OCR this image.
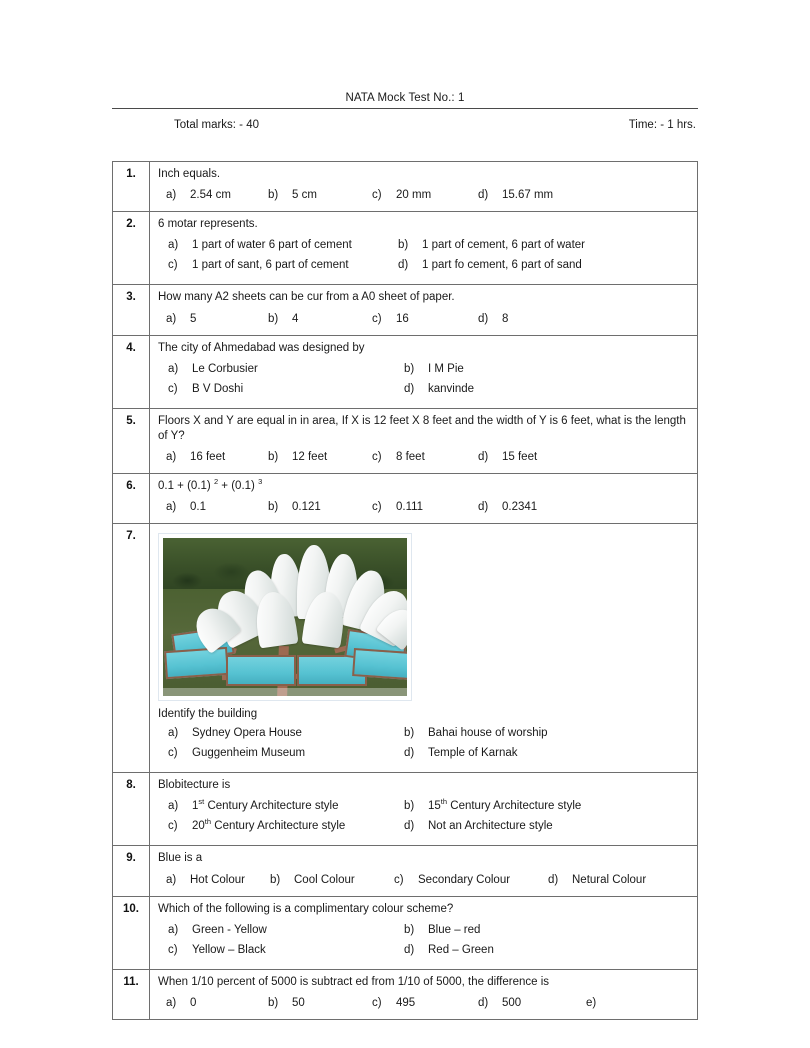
NATA Mock Test No.: 1
Total marks: - 40	Time: - 1 hrs.
1.	Inch equals.
a) 2.54 cm b) 5 cm c) 20 mm d) 15.67 mm

2.	6 motar represents.
a) 1 part of water 6 part of cement b) 1 part of cement, 6 part of water
c) 1 part of sant, 6 part of cement d) 1 part fo cement, 6 part of sand

3.	How many A2 sheets can be cur from a A0 sheet of paper.
a) 5 b) 4 c) 16 d) 8

4.	The city of Ahmedabad was designed by
a) Le Corbusier b) I M Pie
c) B V Doshi d) kanvinde

5.	Floors X and Y are equal in in area, If X is 12 feet X 8 feet and the width of Y is 6 feet, what is the length of Y?
a) 16 feet b) 12 feet c) 8 feet d) 15 feet

6.	0.1 + (0.1) $^2$ + (0.1) $^3$
a) 0.1 b) 0.121 c) 0.111 d) 0.2341

7.	Identify the building
a) Sydney Opera House b) Bahai house of worship
c) Guggenheim Museum d) Temple of Karnak

8.	Blobitecture is
a) 1st Century Architecture style b) 15th Century Architecture style
c) 20th Century Architecture style d) Not an Architecture style

9.	Blue is a
a) Hot Colour b) Cool Colour c) Secondary Colour d) Netural Colour

10.	Which of the following is a complimentary colour scheme?
a) Green - Yellow b) Blue – red
c) Yellow – Black d) Red – Green

11.	When 1/10 percent of 5000 is subtract ed from 1/10 of 5000, the difference is
a) 0	b) 50	c) 495	d) 500	e)
